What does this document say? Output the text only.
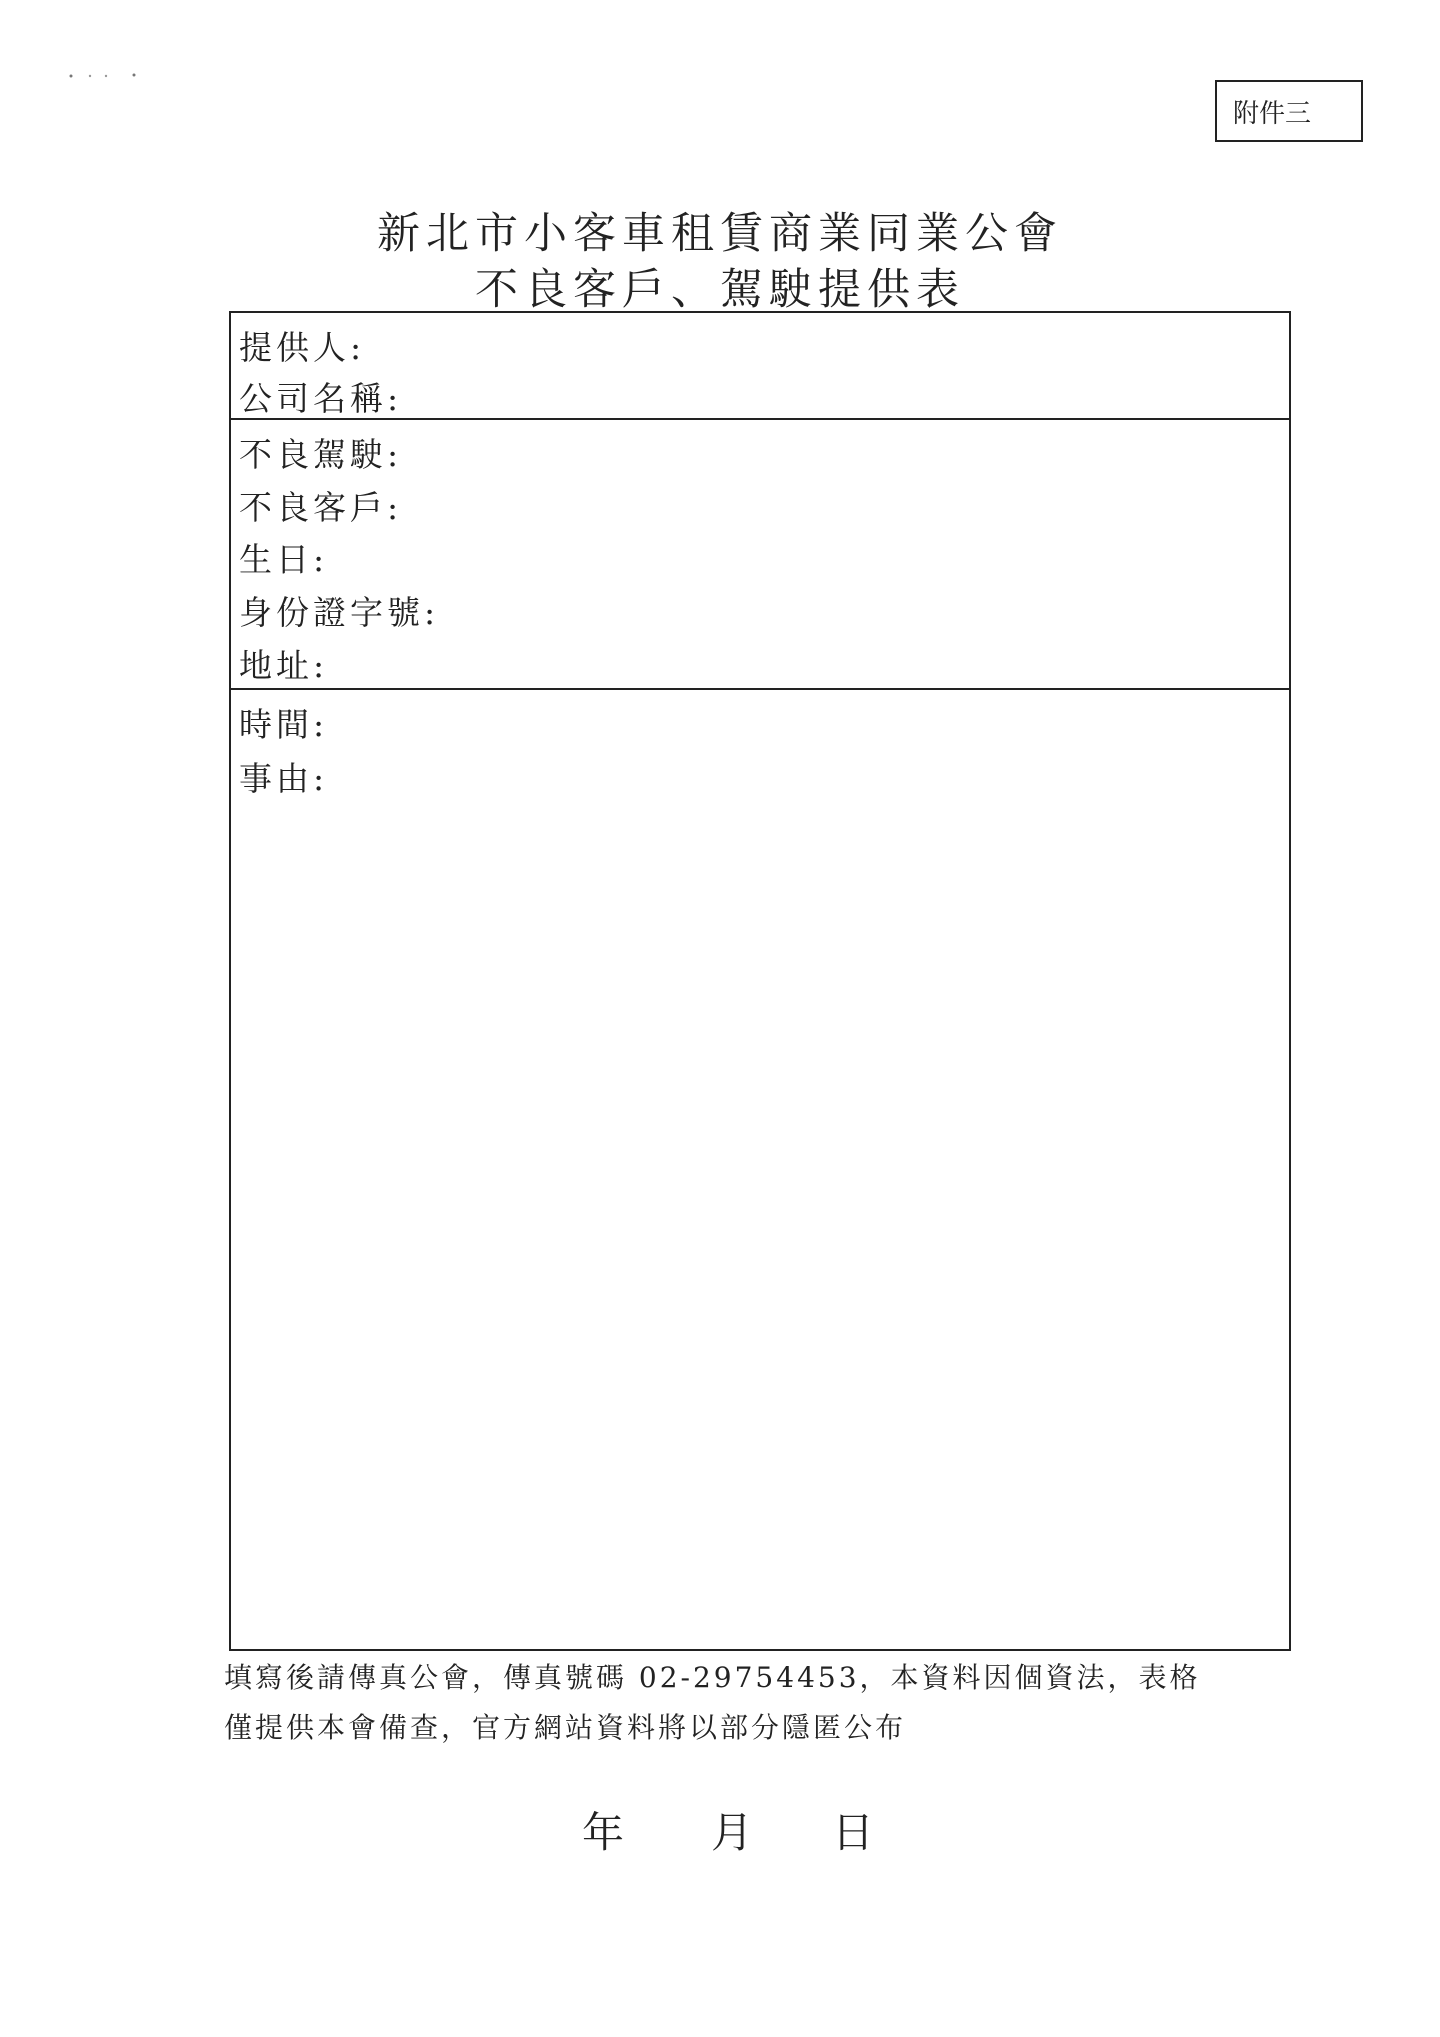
附件三
新北市小客車租賃商業同業公會
不良客戶、駕駛提供表
提供人:
公司名稱:
不良駕駛:
不良客戶:
生日:
身份證字號:
地址:
時間:
事由:
填寫後請傳真公會，傳真號碼 02-29754453，本資料因個資法，表格
僅提供本會備查，官方網站資料將以部分隱匿公布
年 月 日
